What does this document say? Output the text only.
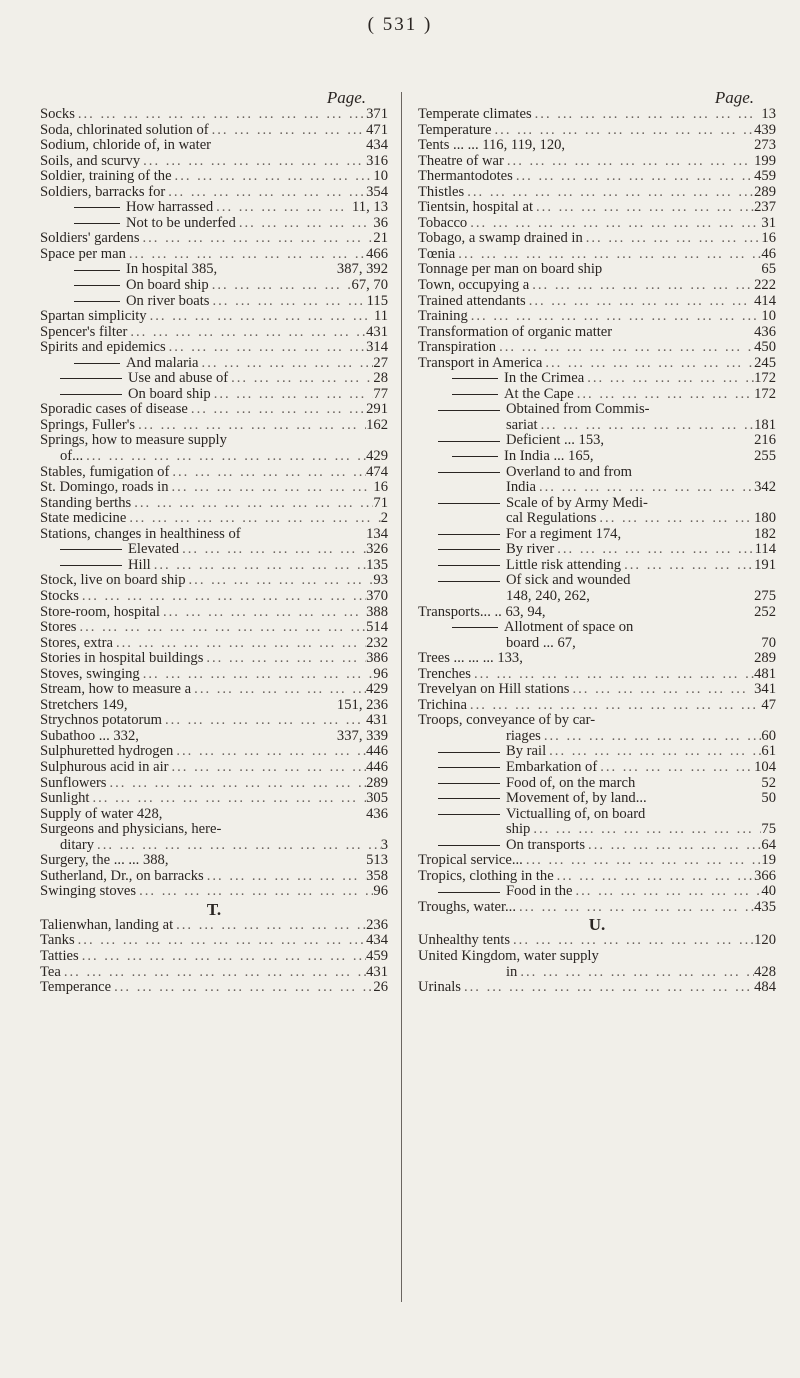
( 531 )
Page.
Socks ... .	371
Soda, chlorinated solution of ... .	471
Sodium, chloride of, in water	434
Soils, and scurvy ... .	316
Soldier, training of the ... .	10
Soldiers, barracks for ... .	354
How harrassed ... .	11, 13
Not to be underfed ... .	36
Soldiers' gardens ... .	21
Space per man ... .	466
In hospital 385,	387, 392
On board ship ... .	67, 70
On river boats ... .	115
Spartan simplicity ... .	11
Spencer's filter ... .	431
Spirits and epidemics ... .	314
And malaria ... .	27
Use and abuse of ... .	28
On board ship ... .	77
Sporadic cases of disease ... .	291
Springs, Fuller's ... .	162
Springs, how to measure supply
of... ... .	429
Stables, fumigation of ... .	474
St. Domingo, roads in ... .	16
Standing berths ... .	71
State medicine ... .	2
Stations, changes in healthiness of	134
Elevated ... .	326
Hill ... .	135
Stock, live on board ship ... .	93
Stocks ... .	370
Store-room, hospital ... .	388
Stores ... .	514
Stores, extra ... .	232
Stories in hospital buildings ... .	386
Stoves, swinging ... .	96
Stream, how to measure a ... .	429
Stretchers 149,	151, 236
Strychnos potatorum ... .	431
Subathoo ... 332,	337, 339
Sulphuretted hydrogen ... .	446
Sulphurous acid in air ... .	446
Sunflowers ... .	289
Sunlight ... .	305
Supply of water 428,	436
Surgeons and physicians, here-
ditary ... .	3
Surgery, the ... ... 388,	513
Sutherland, Dr., on barracks ... .	358
Swinging stoves ... .	96
T.
Talienwhan, landing at ... .	236
Tanks ... .	434
Tatties ... .	459
Tea ... .	431
Temperance ... .	26
Page.
Temperate climates ... .	13
Temperature ... .	439
Tents ... ... 116, 119, 120,	273
Theatre of war ... .	199
Thermantodotes ... .	459
Thistles ... .	289
Tientsin, hospital at ... .	237
Tobacco ... .	31
Tobago, a swamp drained in ... .	16
Tœnia ... .	46
Tonnage per man on board ship	65
Town, occupying a ... .	222
Trained attendants ... .	414
Training ... .	10
Transformation of organic matter	436
Transpiration ... .	450
Transport in America ... .	245
In the Crimea ... .	172
At the Cape ... .	172
Obtained from Commis-
sariat ... .	181
Deficient ... 153,	216
In India ... 165,	255
Overland to and from
India ... .	342
Scale of by Army Medi-
cal Regulations ... .	180
For a regiment 174,	182
By river ... .	114
Little risk attending ... .	191
Of sick and wounded
148, 240, 262,	275
Transports... .. 63, 94,	252
Allotment of space on
board ... 67,	70
Trees ... ... ... 133,	289
Trenches ... .	481
Trevelyan on Hill stations ... .	341
Trichina ... .	47
Troops, conveyance of by car-
riages ... .	60
By rail ... .	61
Embarkation of ... .	104
Food of, on the march	52
Movement of, by land...	50
Victualling of, on board
ship ... .	75
On transports ... .	64
Tropical service... ... .	19
Tropics, clothing in the ... .	366
Food in the ... .	40
Troughs, water... ... .	435
U.
Unhealthy tents ... .	120
United Kingdom, water supply
in ... .	428
Urinals ... .	484
